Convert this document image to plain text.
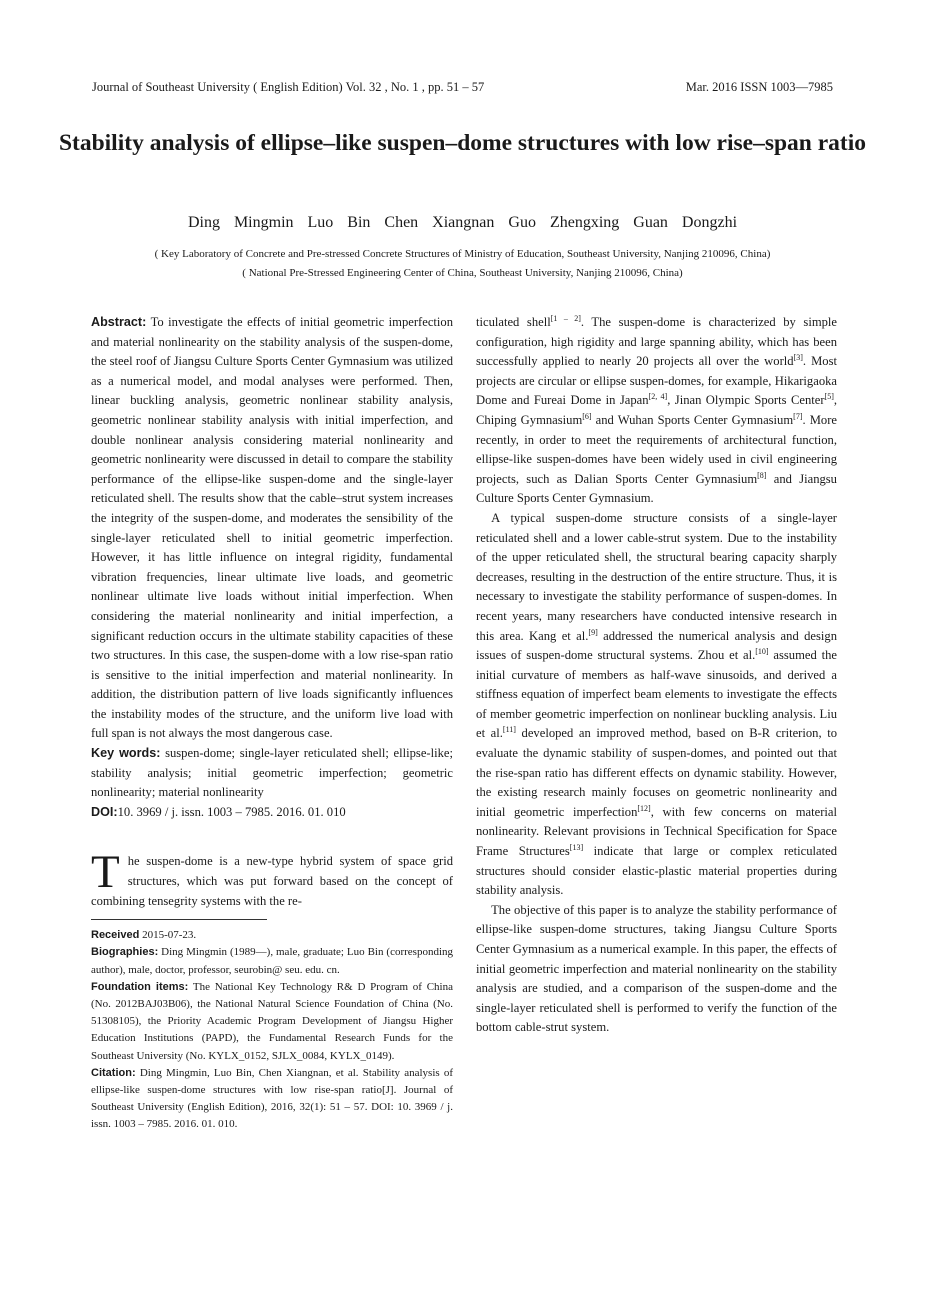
Journal of Southeast University ( English Edition) Vol. 32 , No. 1 , pp. 51 – 57	Mar. 2016 ISSN 1003—7985
Stability analysis of ellipse–like suspen–dome structures with low rise–span ratio
Ding Mingmin Luo Bin Chen Xiangnan Guo Zhengxing Guan Dongzhi
( Key Laboratory of Concrete and Pre-stressed Concrete Structures of Ministry of Education, Southeast University, Nanjing 210096, China)
( National Pre-Stressed Engineering Center of China, Southeast University, Nanjing 210096, China)

Abstract: To investigate the effects of initial geometric imperfection and material nonlinearity on the stability analysis of the suspen-dome, the steel roof of Jiangsu Culture Sports Center Gymnasium was utilized as a numerical model, and modal analyses were performed. Then, linear buckling analysis, geometric nonlinear stability analysis, geometric nonlinear stability analysis with initial imperfection, and double nonlinear analysis considering material nonlinearity and geometric nonlinearity were discussed in detail to compare the stability performance of the ellipse-like suspen-dome and the single-layer reticulated shell. The results show that the cable–strut system increases the integrity of the suspen-dome, and moderates the sensibility of the single-layer reticulated shell to initial geometric imperfection. However, it has little influence on integral rigidity, fundamental vibration frequencies, linear ultimate live loads, and geometric nonlinear ultimate live loads without initial imperfection. When considering the material nonlinearity and initial imperfection, a significant reduction occurs in the ultimate stability capacities of these two structures. In this case, the suspen-dome with a low rise-span ratio is sensitive to the initial imperfection and material nonlinearity. In addition, the distribution pattern of live loads significantly influences the instability modes of the structure, and the uniform live load with full span is not always the most dangerous case.

Key words: suspen-dome; single-layer reticulated shell; ellipse-like; stability analysis; initial geometric imperfection; geometric nonlinearity; material nonlinearity

DOI:10. 3969 / j. issn. 1003 – 7985. 2016. 01. 010

The suspen-dome is a new-type hybrid system of space grid structures, which was put forward based on the concept of combining tensegrity systems with the re-

Received 2015-07-23.

Biographies: Ding Mingmin (1989—), male, graduate; Luo Bin (corresponding author), male, doctor, professor, seurobin@ seu. edu. cn.

Foundation items: The National Key Technology R& D Program of China (No. 2012BAJ03B06), the National Natural Science Foundation of China (No. 51308105), the Priority Academic Program Development of Jiangsu Higher Education Institutions (PAPD), the Fundamental Research Funds for the Southeast University (No. KYLX_0152, SJLX_0084, KYLX_0149).

Citation: Ding Mingmin, Luo Bin, Chen Xiangnan, et al. Stability analysis of ellipse-like suspen-dome structures with low rise-span ratio[J]. Journal of Southeast University (English Edition), 2016, 32(1): 51 – 57. DOI: 10. 3969 / j. issn. 1003 – 7985. 2016. 01. 010.

ticulated shell[1 – 2]. The suspen-dome is characterized by simple configuration, high rigidity and large spanning ability, which has been successfully applied to nearly 20 projects all over the world[3]. Most projects are circular or ellipse suspen-domes, for example, Hikarigaoka Dome and Fureai Dome in Japan[2, 4], Jinan Olympic Sports Center[5], Chiping Gymnasium[6] and Wuhan Sports Center Gymnasium[7]. More recently, in order to meet the requirements of architectural function, ellipse-like suspen-domes have been widely used in civil engineering projects, such as Dalian Sports Center Gymnasium[8] and Jiangsu Culture Sports Center Gymnasium.

A typical suspen-dome structure consists of a single-layer reticulated shell and a lower cable-strut system. Due to the instability of the upper reticulated shell, the structural bearing capacity sharply decreases, resulting in the destruction of the entire structure. Thus, it is necessary to investigate the stability performance of suspen-domes. In recent years, many researchers have conducted intensive research in this area. Kang et al.[9] addressed the numerical analysis and design issues of suspen-dome structural systems. Zhou et al.[10] assumed the initial curvature of members as half-wave sinusoids, and derived a stiffness equation of imperfect beam elements to investigate the effects of member geometric imperfection on nonlinear buckling analysis. Liu et al.[11] developed an improved method, based on B-R criterion, to evaluate the dynamic stability of suspen-domes, and pointed out that the rise-span ratio has different effects on dynamic stability. However, the existing research mainly focuses on geometric nonlinearity and initial geometric imperfection[12], with few concerns on material nonlinearity. Relevant provisions in Technical Specification for Space Frame Structures[13] indicate that large or complex reticulated structures should consider elastic-plastic material properties during stability analysis.

The objective of this paper is to analyze the stability performance of ellipse-like suspen-dome structures, taking Jiangsu Culture Sports Center Gymnasium as a numerical example. In this paper, the effects of initial geometric imperfection and material nonlinearity on the stability analysis are studied, and a comparison of the suspen-dome and the single-layer reticulated shell is performed to verify the function of the bottom cable-strut system.
